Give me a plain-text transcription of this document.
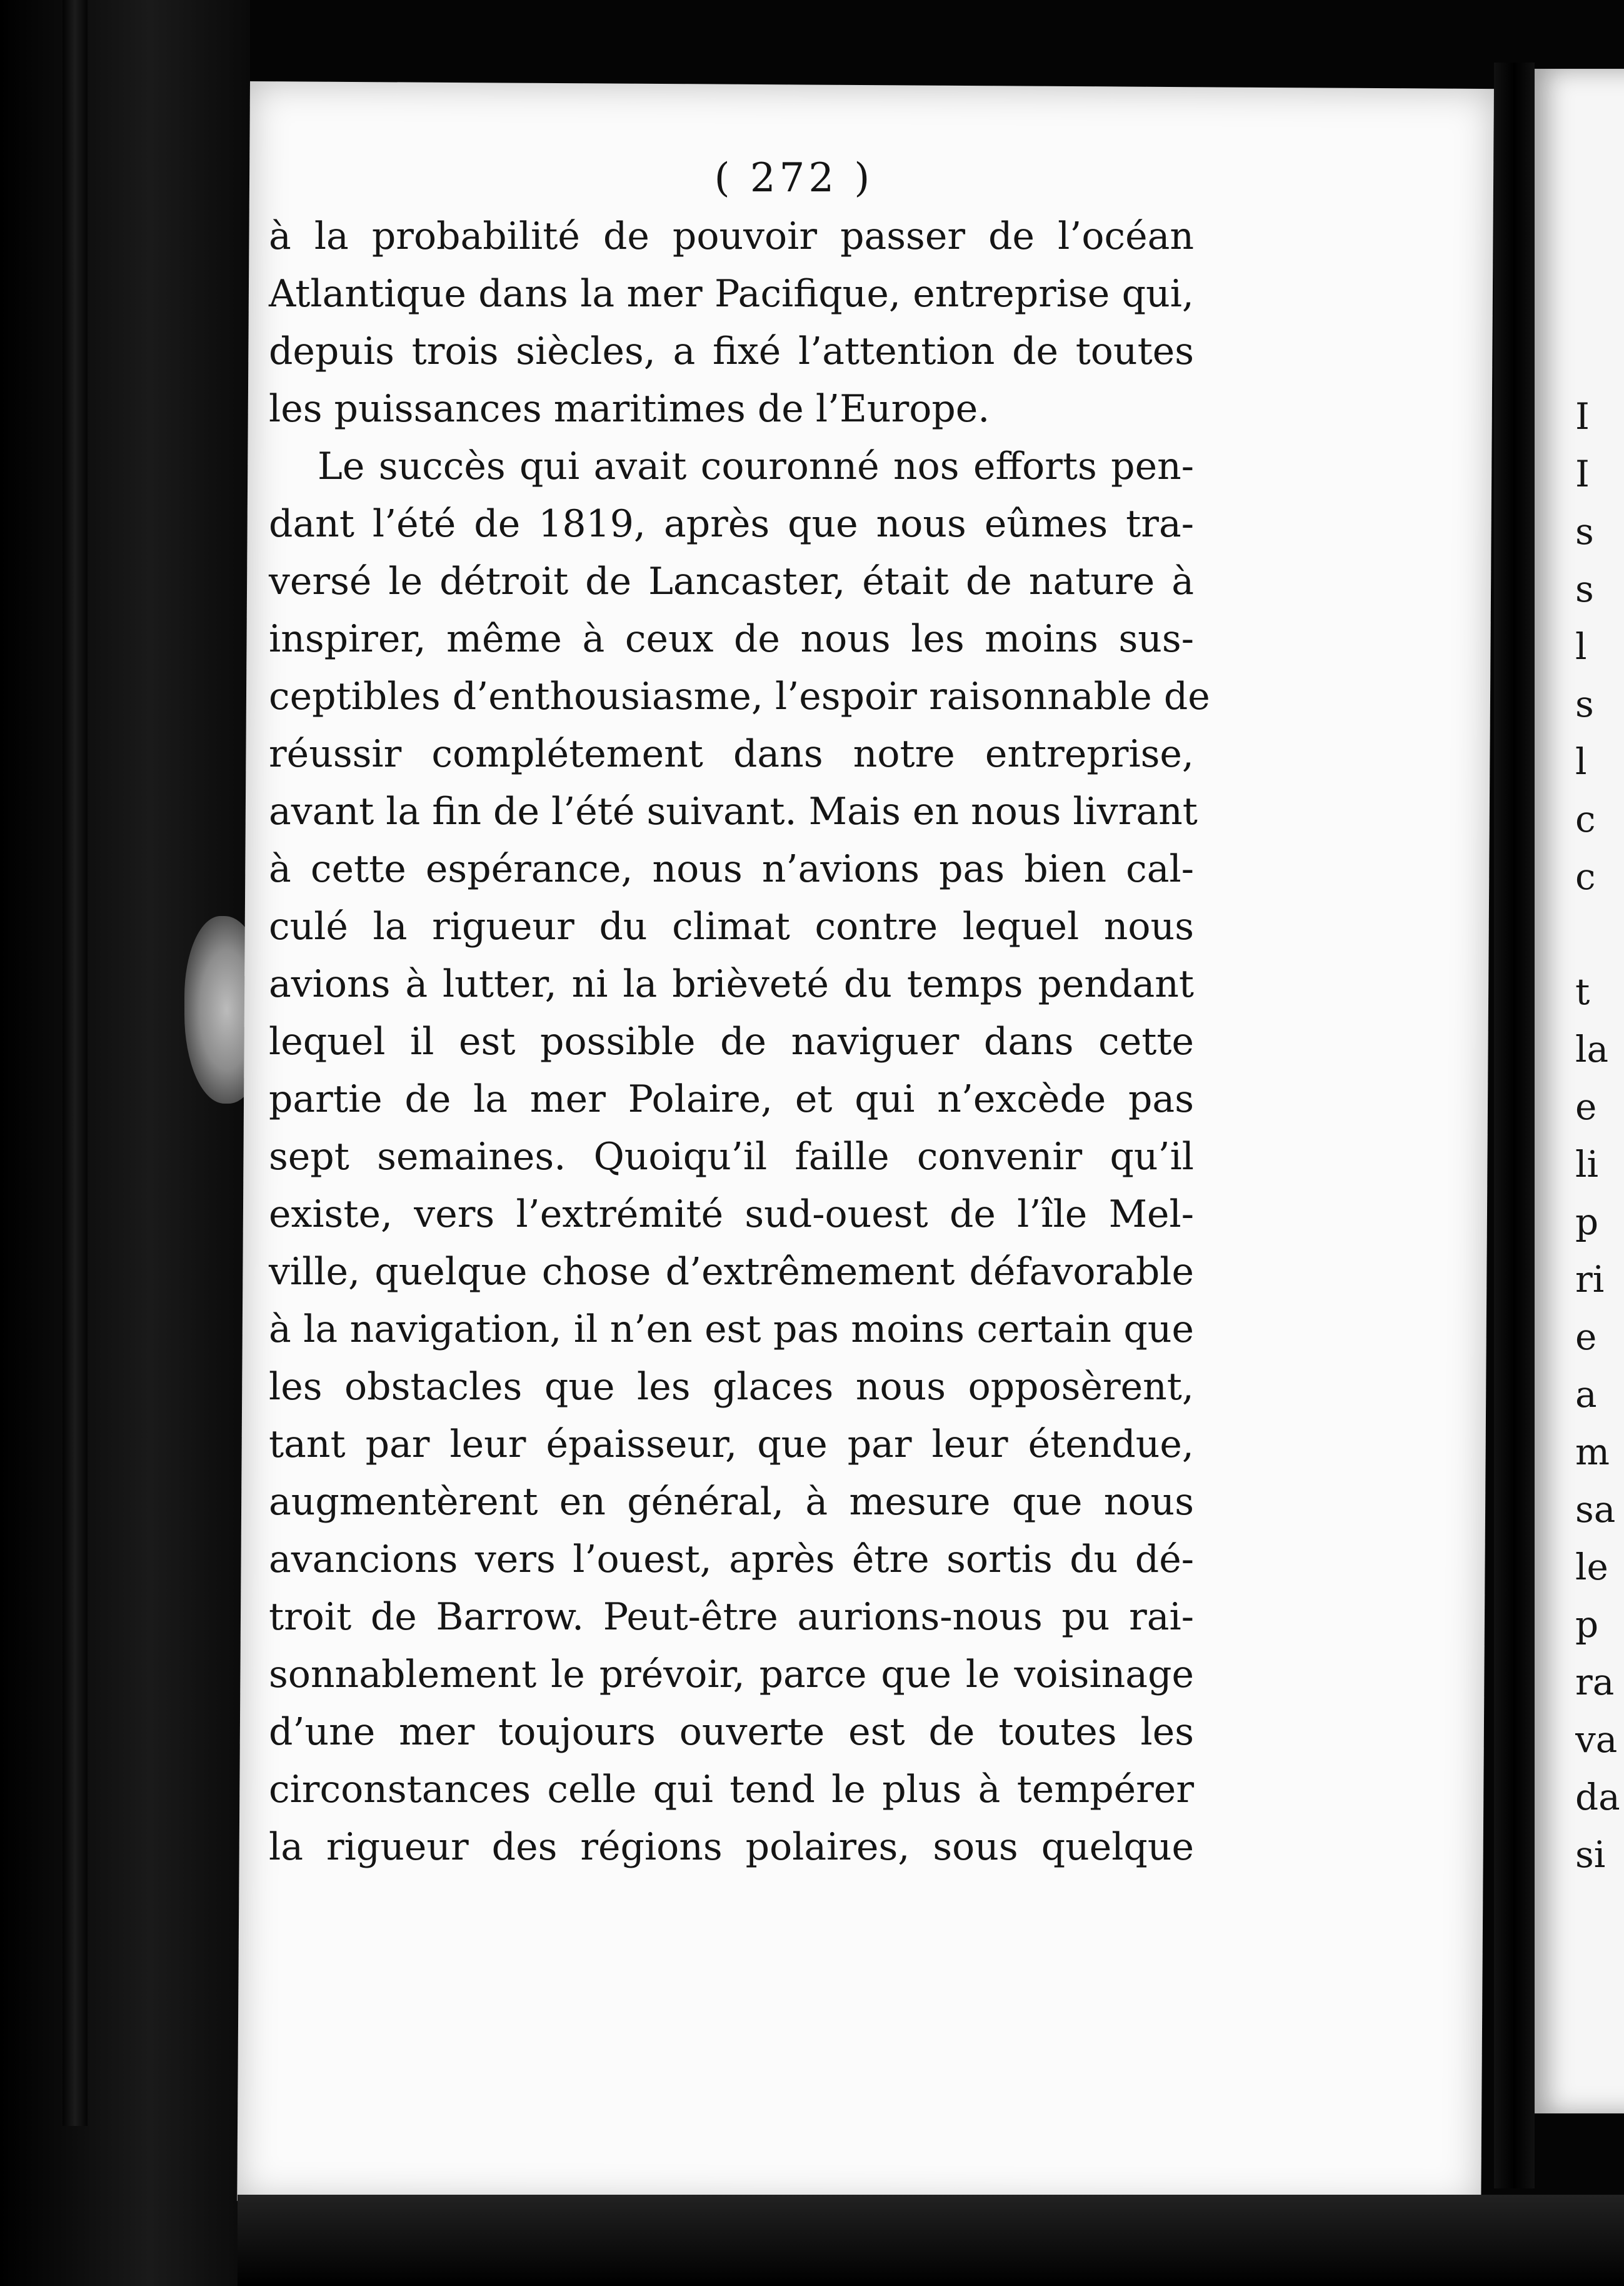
( 272 )
à la probabilité de pouvoir passer de l’océan
Atlantique dans la mer Pacifique, entreprise qui,
depuis trois siècles, a fixé l’attention de toutes
les puissances maritimes de l’Europe.
Le succès qui avait couronné nos efforts pen-
dant l’été de 1819, après que nous eûmes tra-
versé le détroit de Lancaster, était de nature à
inspirer, même à ceux de nous les moins sus-
ceptibles d’enthousiasme, l’espoir raisonnable de
réussir complétement dans notre entreprise,
avant la fin de l’été suivant. Mais en nous livrant
à cette espérance, nous n’avions pas bien cal-
culé la rigueur du climat contre lequel nous
avions à lutter, ni la brièveté du temps pendant
lequel il est possible de naviguer dans cette
partie de la mer Polaire, et qui n’excède pas
sept semaines. Quoiqu’il faille convenir qu’il
existe, vers l’extrémité sud-ouest de l’île Mel-
ville, quelque chose d’extrêmement défavorable
à la navigation, il n’en est pas moins certain que
les obstacles que les glaces nous opposèrent,
tant par leur épaisseur, que par leur étendue,
augmentèrent en général, à mesure que nous
avancions vers l’ouest, après être sortis du dé-
troit de Barrow. Peut-être aurions-nous pu rai-
sonnablement le prévoir, parce que le voisinage
d’une mer toujours ouverte est de toutes les
circonstances celle qui tend le plus à tempérer
la rigueur des régions polaires, sous quelque
I
I
s
s
l
s
l
c
c
t
la
e
li
p
ri
e
a
m
sa
le
p
ra
va
da
si
